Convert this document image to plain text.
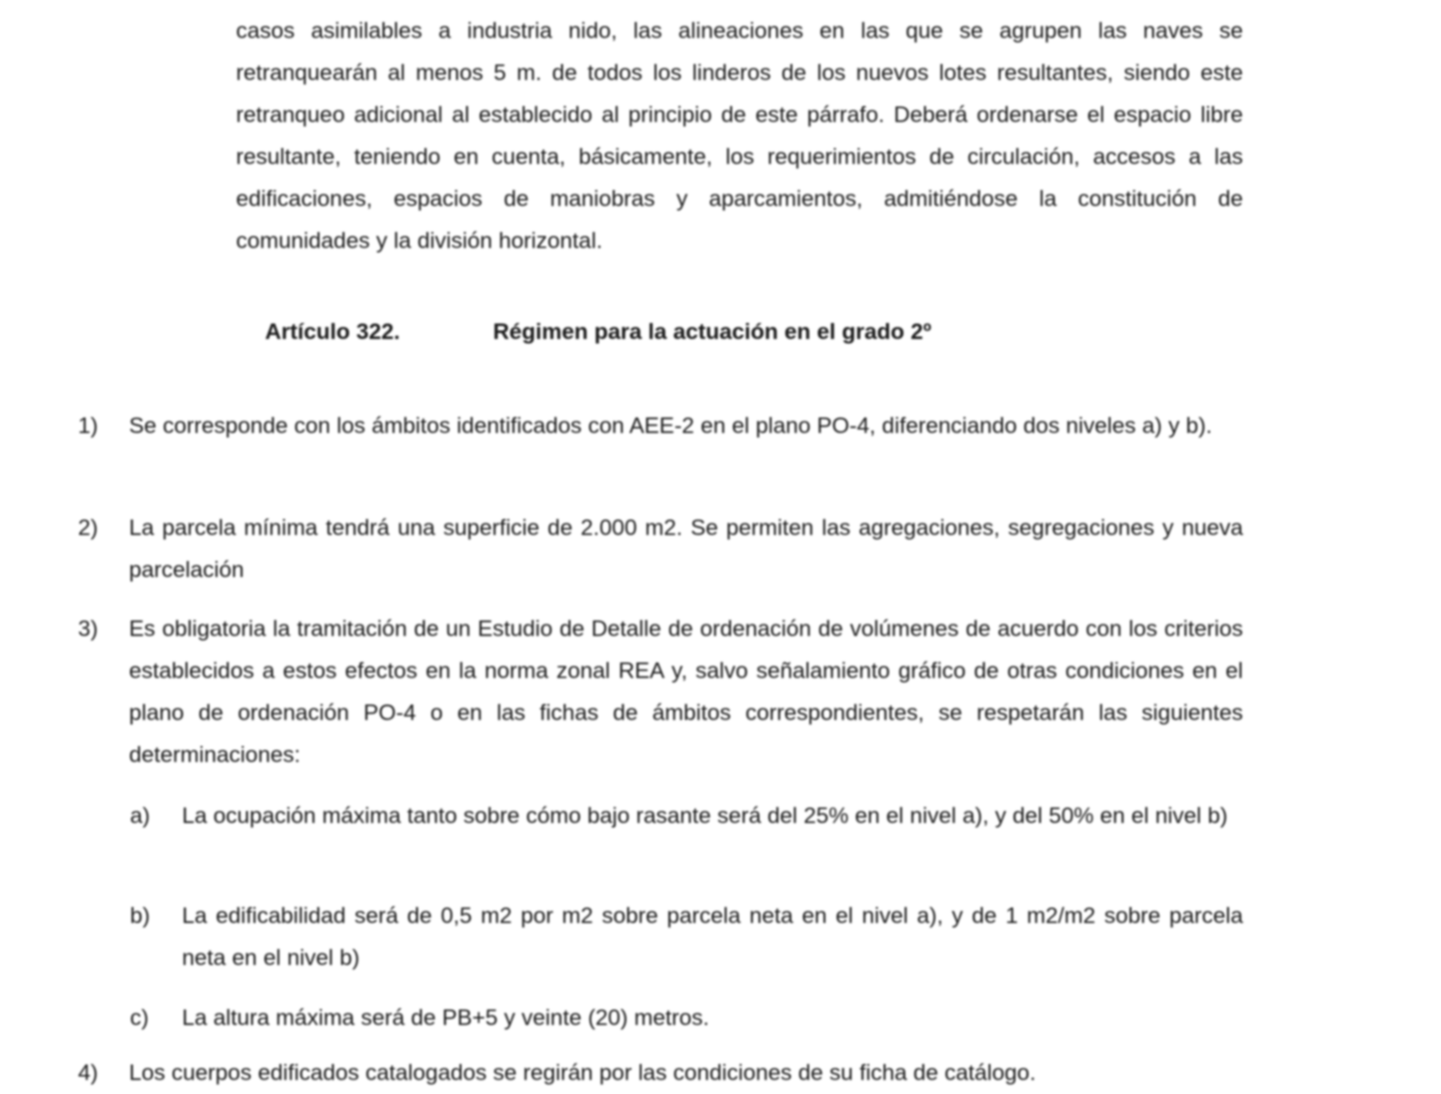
casos asimilables a industria nido, las alineaciones en las que se agrupen las naves se retranquearán al menos 5 m. de todos los linderos de los nuevos lotes resultantes, siendo este retranqueo adicional al establecido al principio de este párrafo. Deberá ordenarse el espacio libre resultante, teniendo en cuenta, básicamente, los requerimientos de circulación, accesos a las edificaciones, espacios de maniobras y aparcamientos, admitiéndose la constitución de comunidades y la división horizontal.

Artículo 322.	Régimen para la actuación en el grado 2º
1) Se corresponde con los ámbitos identificados con AEE-2 en el plano PO-4, diferenciando dos niveles a) y b).
2) La parcela mínima tendrá una superficie de 2.000 m2. Se permiten las agregaciones, segregaciones y nueva parcelación
3) Es obligatoria la tramitación de un Estudio de Detalle de ordenación de volúmenes de acuerdo con los criterios establecidos a estos efectos en la norma zonal REA y, salvo señalamiento gráfico de otras condiciones en el plano de ordenación PO-4 o en las fichas de ámbitos correspondientes, se respetarán las siguientes determinaciones:
a) La ocupación máxima tanto sobre cómo bajo rasante será del 25% en el nivel a), y del 50% en el nivel b)
b) La edificabilidad será de 0,5 m2 por m2 sobre parcela neta en el nivel a), y de 1 m2/m2 sobre parcela neta en el nivel b)
c) La altura máxima será de PB+5 y veinte (20) metros.
4) Los cuerpos edificados catalogados se regirán por las condiciones de su ficha de catálogo.
